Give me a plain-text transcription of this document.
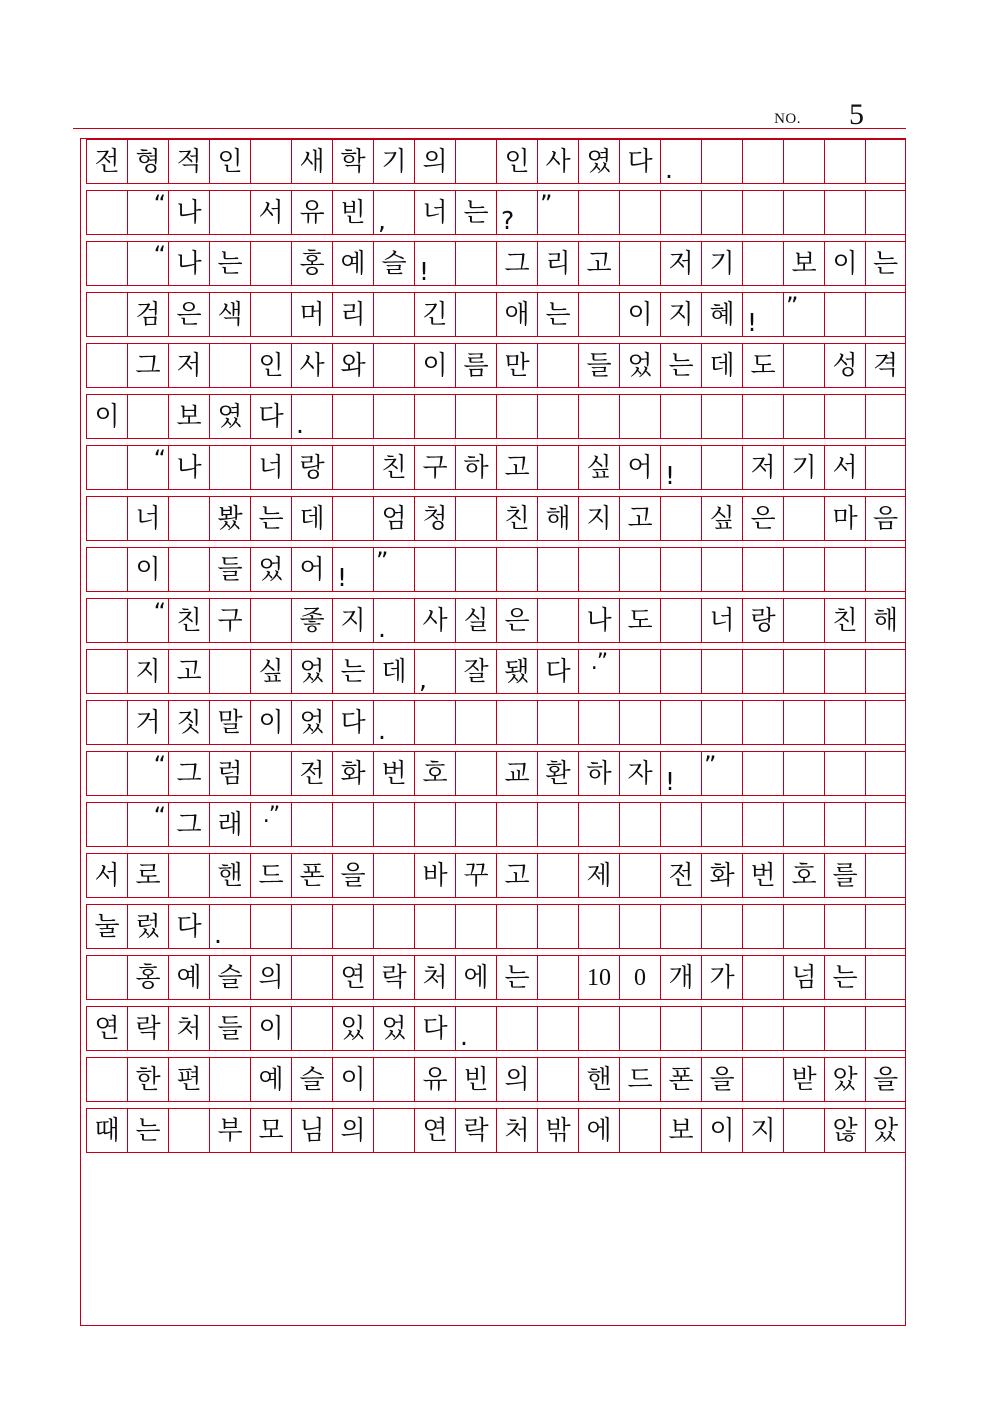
NO. 5
전 형 적 인	새 학 기 의	인 사 였 다 .
“ 나	서 유 빈 ,	너 는 ?
”
“ 나 는	홍 예 슬 !	그 리 고	저 기	보 이 는
검 은 색	머 리	긴	애 는	이 지 혜 !
”
그 저	인 사 와	이 름 만	들 었 는 데 도	성 격
이	보 였 다 .
“ 나	너 랑	친 구 하 고	싶 어 !	저 기 서
너	봤 는 데	엄 청	친 해 지 고	싶 은	마 음
이	들 었 어 !
”
“ 친 구	좋 지 .	사 실 은	나 도	너 랑	친 해
지 고	싶 었 는 데 ,	잘 됐 다 .”
거 짓 말 이 었 다 .
“ 그 럼	전 화 번 호	교 환 하 자 !
”
“ 그 래 .”
서 로	핸 드 폰 을	바 꾸 고	제	전 화 번 호 를
눌 렀 다 .
홍 예 슬 의	연 락 처 에 는	10 0 개 가	넘 는
연 락 처 들 이	있 었 다 .
한 편	예 슬 이	유 빈 의	핸 드 폰 을	받 았 을
때 는	부 모 님 의	연 락 처 밖 에	보 이 지	않 았
